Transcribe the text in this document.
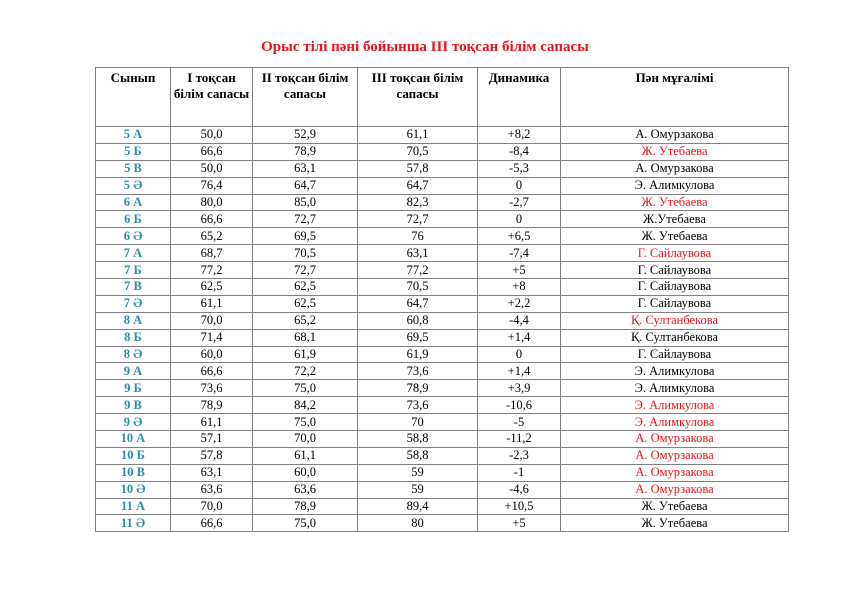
Орыс тілі пәні бойынша III тоқсан білім сапасы
Сынып	I тоқсан білім сапасы	II тоқсан білім сапасы	III тоқсан білім сапасы	Динамика	Пән мұғалімі
5 А	50,0	52,9	61,1	+8,2	А. Омурзакова
5 Б	66,6	78,9	70,5	-8,4	Ж. Утебаева
5 В	50,0	63,1	57,8	-5,3	А. Омурзакова
5 Ә	76,4	64,7	64,7	0	Э. Алимкулова
6 А	80,0	85,0	82,3	-2,7	Ж. Утебаева
6 Б	66,6	72,7	72,7	0	Ж.Утебаева
6 Ә	65,2	69,5	76	+6,5	Ж. Утебаева
7 А	68,7	70,5	63,1	-7,4	Г. Сайлаувова
7 Б	77,2	72,7	77,2	+5	Г. Сайлаувова
7 В	62,5	62,5	70,5	+8	Г. Сайлаувова
7 Ә	61,1	62,5	64,7	+2,2	Г. Сайлаувова
8 А	70,0	65,2	60,8	-4,4	Қ. Султанбекова
8 Б	71,4	68,1	69,5	+1,4	Қ. Султанбекова
8 Ә	60,0	61,9	61,9	0	Г. Сайлаувова
9 А	66,6	72,2	73,6	+1,4	Э. Алимкулова
9 Б	73,6	75,0	78,9	+3,9	Э. Алимкулова
9 В	78,9	84,2	73,6	-10,6	Э. Алимкулова
9 Ә	61,1	75,0	70	-5	Э. Алимкулова
10 А	57,1	70,0	58,8	-11,2	А. Омурзакова
10 Б	57,8	61,1	58,8	-2,3	А. Омурзакова
10 В	63,1	60,0	59	-1	А. Омурзакова
10 Ә	63,6	63,6	59	-4,6	А. Омурзакова
11 А	70,0	78,9	89,4	+10,5	Ж. Утебаева
11 Ә	66,6	75,0	80	+5	Ж. Утебаева
